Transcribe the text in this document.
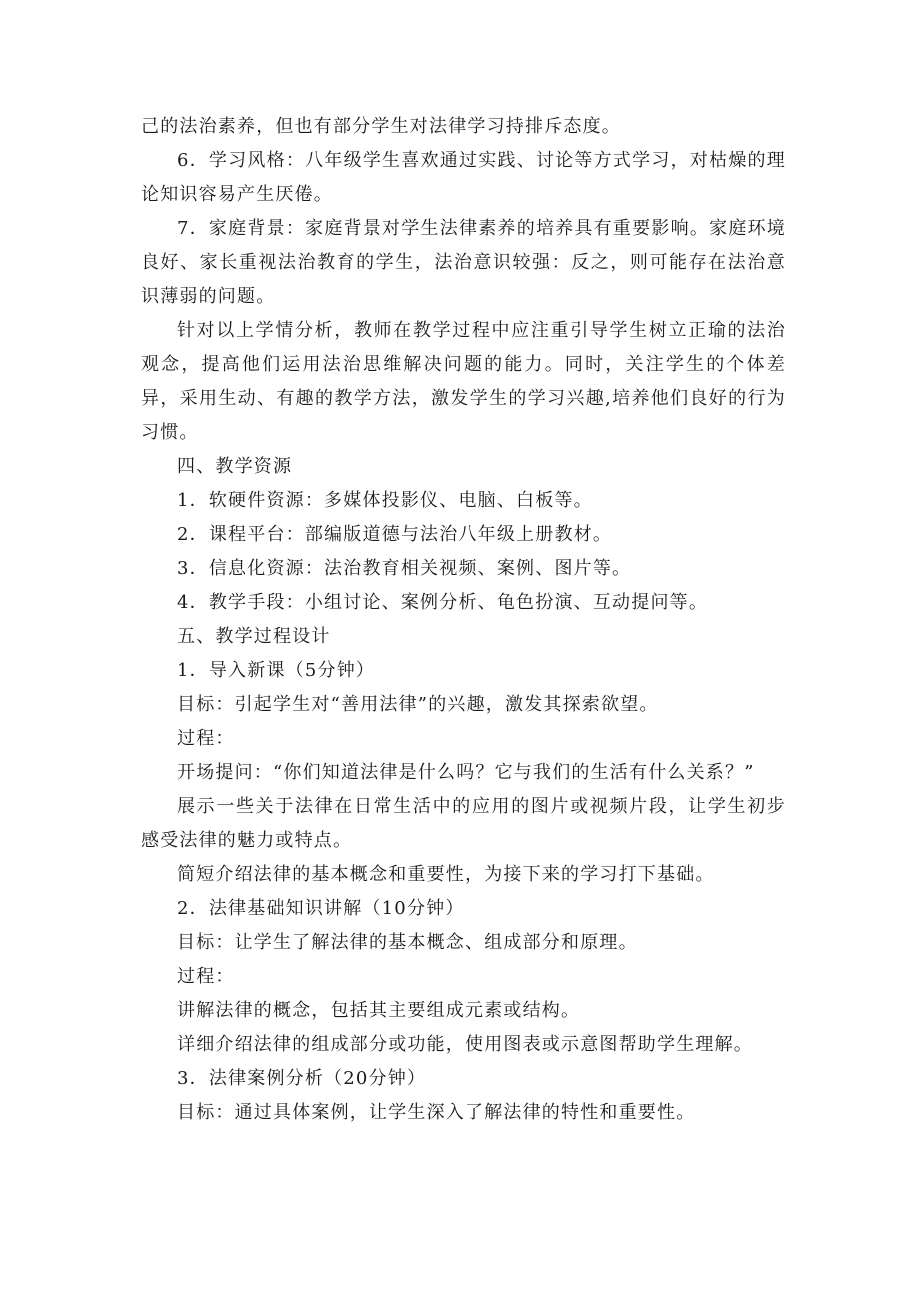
己的法治素养，但也有部分学生对法律学习持排斥态度。

6．学习风格：八年级学生喜欢通过实践、讨论等方式学习，对枯燥的理论知识容易产生厌倦。

7．家庭背景：家庭背景对学生法律素养的培养具有重要影响。家庭环境良好、家长重视法治教育的学生，法治意识较强：反之，则可能存在法治意识薄弱的问题。

针对以上学情分析，教师在教学过程中应注重引导学生树立正瑜的法治观念，提高他们运用法治思维解决问题的能力。同时，关注学生的个体差异，采用生动、有趣的教学方法，激发学生的学习兴趣,培养他们良好的行为习惯。

四、教学资源

1．软硬件资源：多媒体投影仪、电脑、白板等。

2．课程平台：部编版道德与法治八年级上册教材。

3．信息化资源：法治教育相关视频、案例、图片等。

4．教学手段：小组讨论、案例分析、龟色扮演、互动提问等。

五、教学过程设计

1．导入新课（5分钟）

目标：引起学生对“善用法律”的兴趣，激发其探索欲望。

过程：

开场提问：“你们知道法律是什么吗？它与我们的生活有什么关系？”

展示一些关于法律在日常生活中的应用的图片或视频片段，让学生初步感受法律的魅力或特点。

简短介绍法律的基本概念和重要性，为接下来的学习打下基础。

2．法律基础知识讲解（10分钟）

目标：让学生了解法律的基本概念、组成部分和原理。

过程：

讲解法律的概念，包括其主要组成元素或结构。

详细介绍法律的组成部分或功能，使用图表或示意图帮助学生理解。

3．法律案例分析（20分钟）

目标：通过具体案例，让学生深入了解法律的特性和重要性。
